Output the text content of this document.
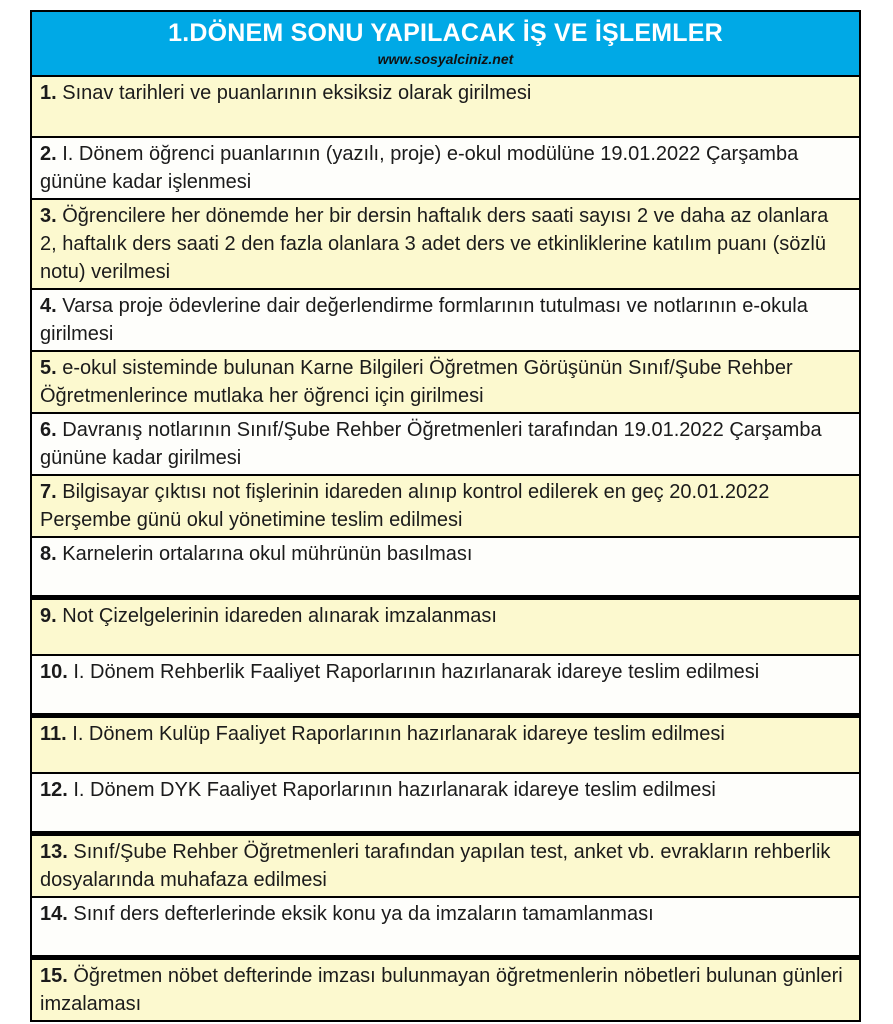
1.DÖNEM SONU YAPILACAK İŞ VE İŞLEMLER
www.sosyalciniz.net
1. Sınav tarihleri ve puanlarının eksiksiz olarak girilmesi
2. I. Dönem öğrenci puanlarının (yazılı, proje) e-okul modülüne 19.01.2022 Çarşamba gününe kadar işlenmesi
3. Öğrencilere her dönemde her bir dersin haftalık ders saati sayısı 2 ve daha az olanlara 2, haftalık ders saati 2 den fazla olanlara 3 adet ders ve etkinliklerine katılım puanı (sözlü notu) verilmesi
4. Varsa proje ödevlerine dair değerlendirme formlarının tutulması ve notlarının e-okula girilmesi
5. e-okul sisteminde bulunan Karne Bilgileri Öğretmen Görüşünün Sınıf/Şube Rehber Öğretmenlerince mutlaka her öğrenci için girilmesi
6. Davranış notlarının Sınıf/Şube Rehber Öğretmenleri tarafından 19.01.2022 Çarşamba gününe kadar girilmesi
7. Bilgisayar çıktısı not fişlerinin idareden alınıp kontrol edilerek en geç 20.01.2022 Perşembe günü okul yönetimine teslim edilmesi
8. Karnelerin ortalarına okul mührünün basılması
9. Not Çizelgelerinin idareden alınarak imzalanması
10. I. Dönem Rehberlik Faaliyet Raporlarının hazırlanarak idareye teslim edilmesi
11. I. Dönem Kulüp Faaliyet Raporlarının hazırlanarak idareye teslim edilmesi
12. I. Dönem DYK Faaliyet Raporlarının hazırlanarak idareye teslim edilmesi
13. Sınıf/Şube Rehber Öğretmenleri tarafından yapılan test, anket vb. evrakların rehberlik dosyalarında muhafaza edilmesi
14. Sınıf ders defterlerinde eksik konu ya da imzaların tamamlanması
15. Öğretmen nöbet defterinde imzası bulunmayan öğretmenlerin nöbetleri bulunan günleri imzalaması
